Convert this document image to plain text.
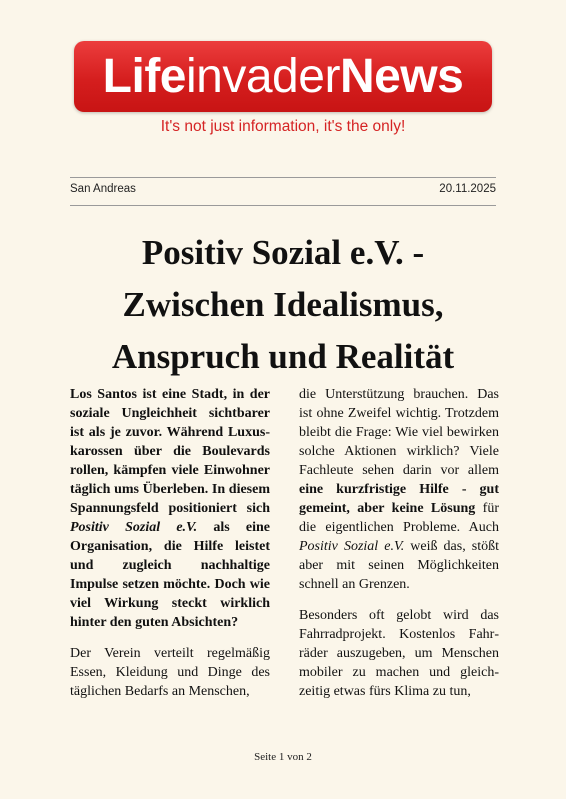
LifeinvaderNews
It's not just information, it's the only!
San Andreas	20.11.2025
Positiv Sozial e.V. -
Zwischen Idealismus,
Anspruch und Realität

Los Santos ist eine Stadt, in der soziale Ungleichheit sichtbarer ist als je zuvor. Während Luxuskarossen über die Boulevards rollen, kämpfen viele Einwohner täglich ums Überleben. In diesem Spannungsfeld positioniert sich Positiv Sozial e.V. als eine Organisation, die Hilfe leistet und zugleich nachhaltige Impulse setzen möchte. Doch wie viel Wirkung steckt wirklich hinter den guten Absichten?

Der Verein verteilt regelmäßig Essen, Kleidung und Dinge des täglichen Bedarfs an Menschen,

die Unterstützung brauchen. Das ist ohne Zweifel wichtig. Trotzdem bleibt die Frage: Wie viel bewirken solche Aktionen wirklich? Viele Fachleute sehen darin vor allem eine kurzfristige Hilfe - gut gemeint, aber keine Lösung für die eigentlichen Probleme. Auch Positiv Sozial e.V. weiß das, stößt aber mit seinen Möglichkeiten schnell an Grenzen.

Besonders oft gelobt wird das Fahrradprojekt. Kostenlos Fahrräder auszugeben, um Menschen mobiler zu machen und gleichzeitig etwas fürs Klima zu tun,

Seite 1 von 2
